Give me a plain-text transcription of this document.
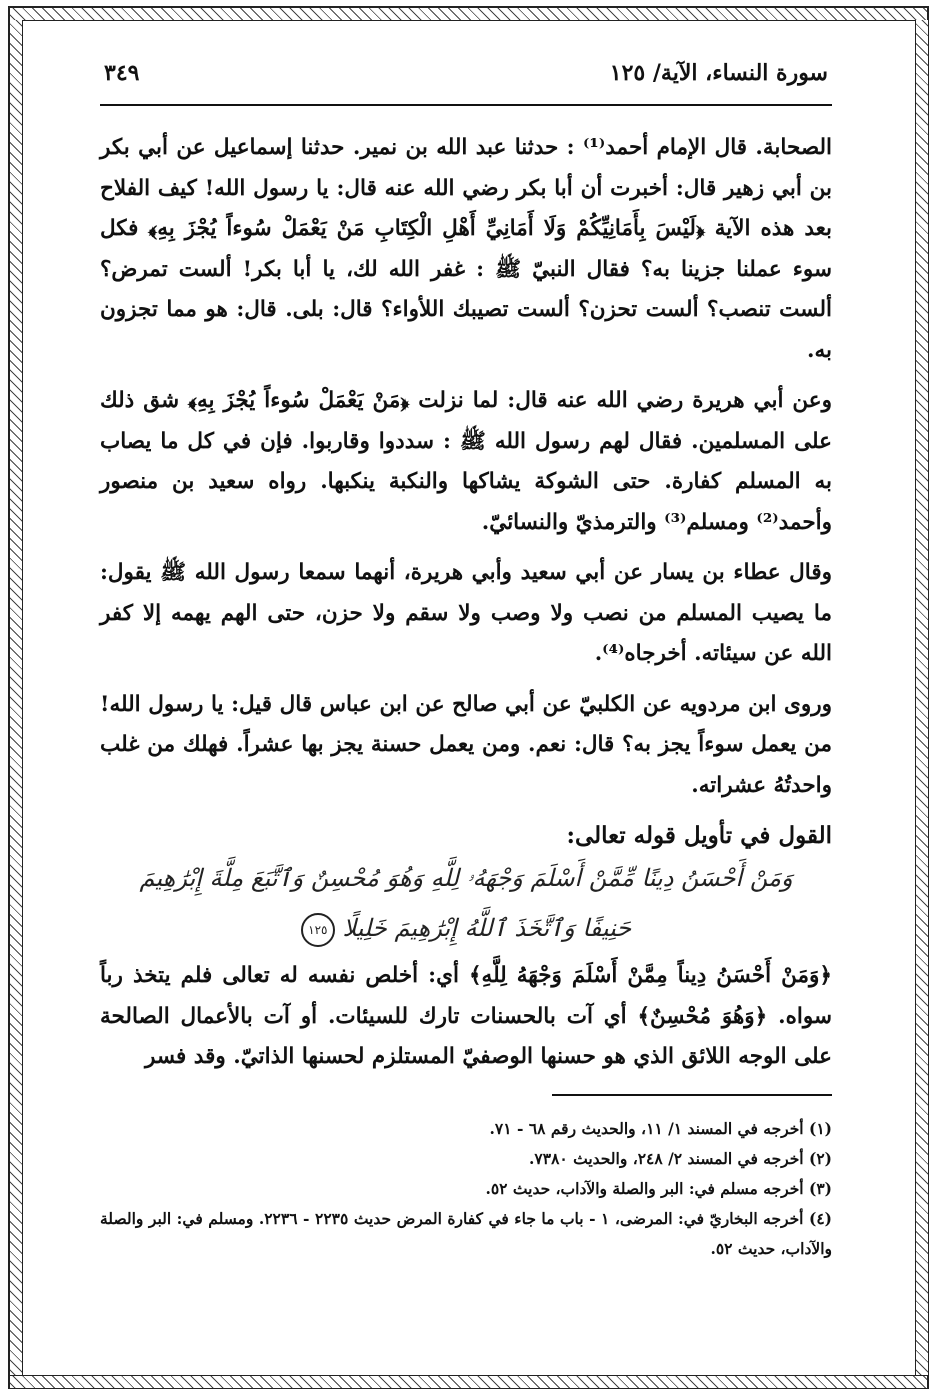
سورة النساء، الآية/ ١٢٥
٣٤٩

الصحابة. قال الإمام أحمد⁽¹⁾ : حدثنا عبد الله بن نمير. حدثنا إسماعيل عن أبي بكر بن أبي زهير قال: أخبرت أن أبا بكر رضي الله عنه قال: يا رسول الله! كيف الفلاح بعد هذه الآية ﴿لَيْسَ بِأَمَانِيِّكُمْ وَلَا أَمَانِيِّ أَهْلِ الْكِتَابِ مَنْ يَعْمَلْ سُوءاً يُجْزَ بِهِ﴾ فكل سوء عملنا جزينا به؟ فقال النبيّ ﷺ : غفر الله لك، يا أبا بكر! ألست تمرض؟ ألست تنصب؟ ألست تحزن؟ ألست تصيبك اللأواء؟ قال: بلى. قال: هو مما تجزون به.

وعن أبي هريرة رضي الله عنه قال: لما نزلت ﴿مَنْ يَعْمَلْ سُوءاً يُجْزَ بِهِ﴾ شق ذلك على المسلمين. فقال لهم رسول الله ﷺ : سددوا وقاربوا. فإن في كل ما يصاب به المسلم كفارة. حتى الشوكة يشاكها والنكبة ينكبها. رواه سعيد بن منصور وأحمد⁽²⁾ ومسلم⁽³⁾ والترمذيّ والنسائيّ.

وقال عطاء بن يسار عن أبي سعيد وأبي هريرة، أنهما سمعا رسول الله ﷺ يقول: ما يصيب المسلم من نصب ولا وصب ولا سقم ولا حزن، حتى الهم يهمه إلا كفر الله عن سيئاته. أخرجاه⁽⁴⁾.

وروى ابن مردويه عن الكلبيّ عن أبي صالح عن ابن عباس قال قيل: يا رسول الله! من يعمل سوءاً يجز به؟ قال: نعم. ومن يعمل حسنة يجز بها عشراً. فهلك من غلب واحدتُهُ عشراته.

القول في تأويل قوله تعالى:
وَمَنْ أَحْسَنُ دِينًا مِّمَّنْ أَسْلَمَ وَجْهَهُۥ لِلَّهِ وَهُوَ مُحْسِنٌ وَٱتَّبَعَ مِلَّةَ إِبْرَٰهِيمَ
حَنِيفًا وَٱتَّخَذَ ٱللَّهُ إِبْرَٰهِيمَ خَلِيلًا ١٢٥

﴿وَمَنْ أَحْسَنُ دِيناً مِمَّنْ أَسْلَمَ وَجْهَهُ لِلَّهِ﴾ أي: أخلص نفسه له تعالى فلم يتخذ رباً سواه. ﴿وَهُوَ مُحْسِنٌ﴾ أي آت بالحسنات تارك للسيئات. أو آت بالأعمال الصالحة على الوجه اللائق الذي هو حسنها الوصفيّ المستلزم لحسنها الذاتيّ. وقد فسر

(١) أخرجه في المسند ١/ ١١، والحديث رقم ٦٨ - ٧١.

(٢) أخرجه في المسند ٢/ ٢٤٨، والحديث ٧٣٨٠.

(٣) أخرجه مسلم في: البر والصلة والآداب، حديث ٥٢.

(٤) أخرجه البخاريّ في: المرضى، ١ - باب ما جاء في كفارة المرض حديث ٢٢٣٥ - ٢٢٣٦. ومسلم في: البر والصلة والآداب، حديث ٥٢.
